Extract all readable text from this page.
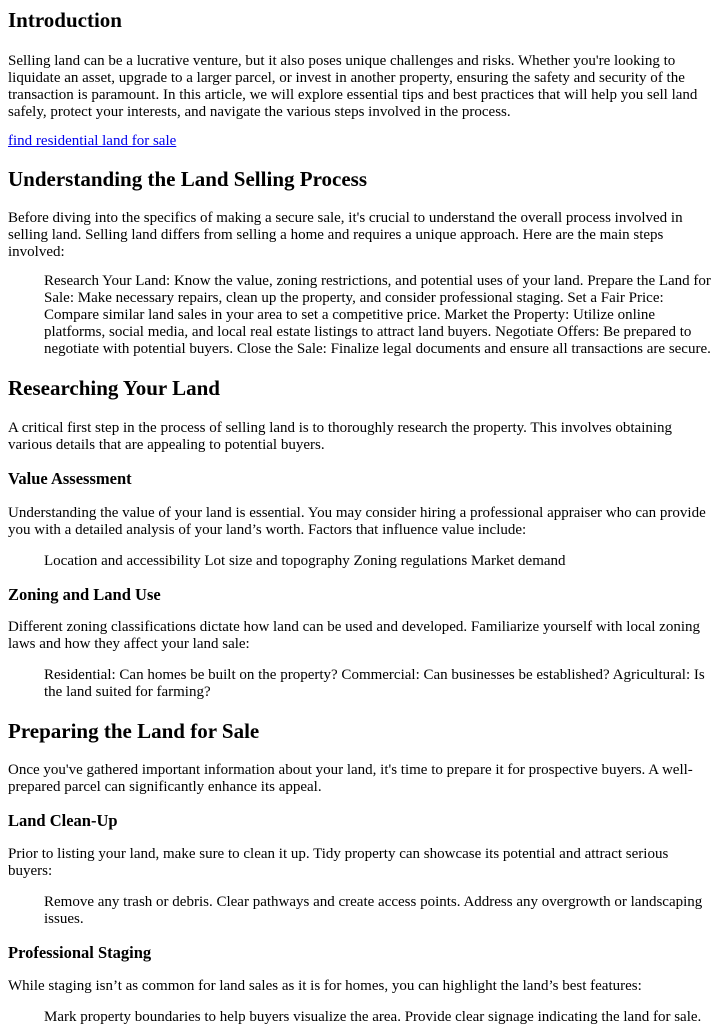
Introduction

Selling land can be a lucrative venture, but it also poses unique challenges and risks. Whether you're looking to liquidate an asset, upgrade to a larger parcel, or invest in another property, ensuring the safety and security of the transaction is paramount. In this article, we will explore essential tips and best practices that will help you sell land safely, protect your interests, and navigate the various steps involved in the process.

find residential land for sale
Understanding the Land Selling Process

Before diving into the specifics of making a secure sale, it's crucial to understand the overall process involved in selling land. Selling land differs from selling a home and requires a unique approach. Here are the main steps involved:

Research Your Land: Know the value, zoning restrictions, and potential uses of your land. Prepare the Land for Sale: Make necessary repairs, clean up the property, and consider professional staging. Set a Fair Price: Compare similar land sales in your area to set a competitive price. Market the Property: Utilize online platforms, social media, and local real estate listings to attract land buyers. Negotiate Offers: Be prepared to negotiate with potential buyers. Close the Sale: Finalize legal documents and ensure all transactions are secure.
Researching Your Land

A critical first step in the process of selling land is to thoroughly research the property. This involves obtaining various details that are appealing to potential buyers.

Value Assessment

Understanding the value of your land is essential. You may consider hiring a professional appraiser who can provide you with a detailed analysis of your land’s worth. Factors that influence value include:

Location and accessibility Lot size and topography Zoning regulations Market demand
Zoning and Land Use

Different zoning classifications dictate how land can be used and developed. Familiarize yourself with local zoning laws and how they affect your land sale:

Residential: Can homes be built on the property? Commercial: Can businesses be established? Agricultural: Is the land suited for farming?
Preparing the Land for Sale

Once you've gathered important information about your land, it's time to prepare it for prospective buyers. A well-prepared parcel can significantly enhance its appeal.

Land Clean-Up

Prior to listing your land, make sure to clean it up. Tidy property can showcase its potential and attract serious buyers:

Remove any trash or debris. Clear pathways and create access points. Address any overgrowth or landscaping issues.
Professional Staging

While staging isn’t as common for land sales as it is for homes, you can highlight the land’s best features:

Mark property boundaries to help buyers visualize the area. Provide clear signage indicating the land for sale.
